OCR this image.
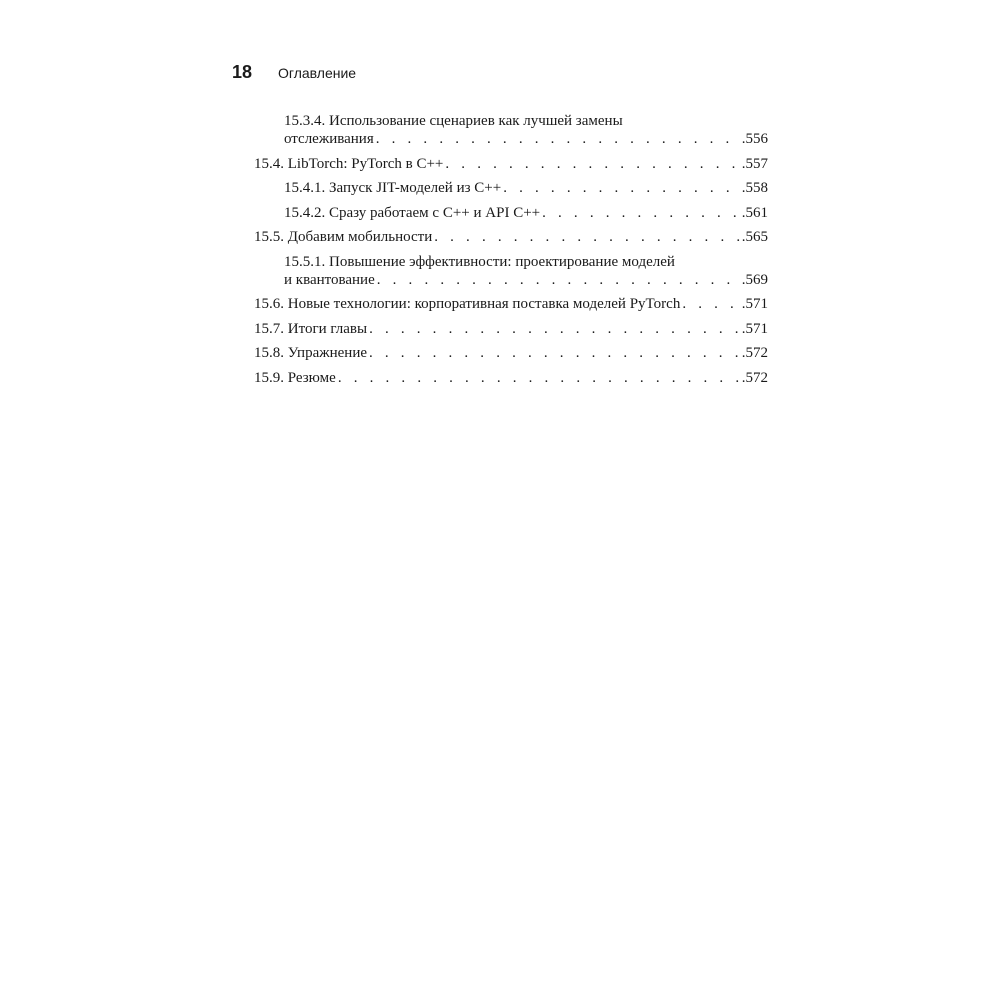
18 Оглавление
15.3.4. Использование сценариев как лучшей замены
отслеживания . . .	.556
15.4. LibTorch: PyTorch в C++ . . .	.557
15.4.1. Запуск JIT-моделей из C++ . . .	.558
15.4.2. Сразу работаем с C++ и API C++ . . .	.561
15.5. Добавим мобильности . . .	.565
15.5.1. Повышение эффективности: проектирование моделей
и квантование . . .	.569
15.6. Новые технологии: корпоративная поставка моделей PyTorch . . .	.571
15.7. Итоги главы . . .	.571
15.8. Упражнение . . .	.572
15.9. Резюме . . .	.572
